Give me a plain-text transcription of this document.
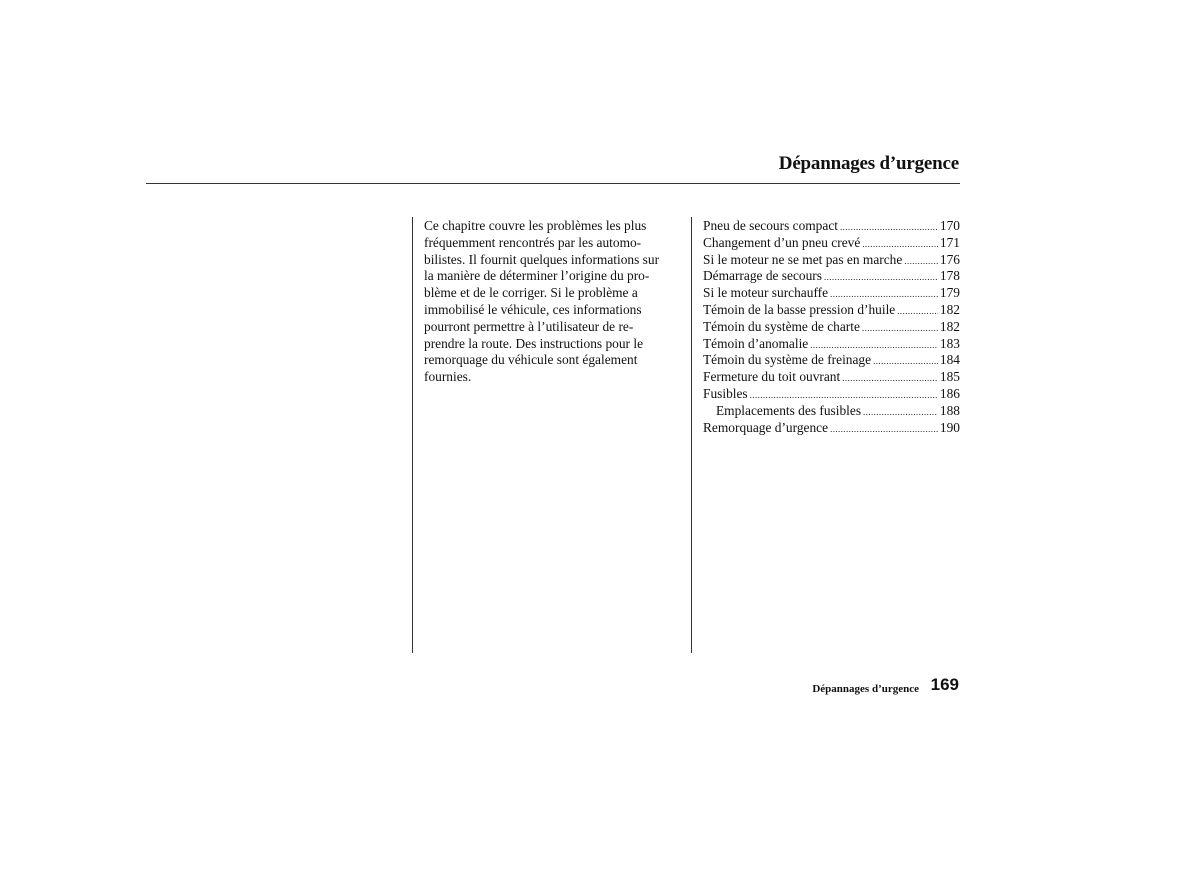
Dépannages d’urgence
Ce chapitre couvre les problèmes les plus
fréquemment rencontrés par les automo-
bilistes. Il fournit quelques informations sur
la manière de déterminer l’origine du pro-
blème et de le corriger. Si le problème a
immobilisé le véhicule, ces informations
pourront permettre à l’utilisateur de re-
prendre la route. Des instructions pour le
remorquage du véhicule sont également
fournies.
Pneu de secours compact .....	170
Changement d’un pneu crevé .....	171
Si le moteur ne se met pas en marche .....	176
Démarrage de secours .....	178
Si le moteur surchauffe .....	179
Témoin de la basse pression d’huile .....	182
Témoin du système de charte .....	182
Témoin d’anomalie .....	183
Témoin du système de freinage .....	184
Fermeture du toit ouvrant .....	185
Fusibles .....	186
Emplacements des fusibles .....	188
Remorquage d’urgence .....	190
Dépannages d’urgence 169
